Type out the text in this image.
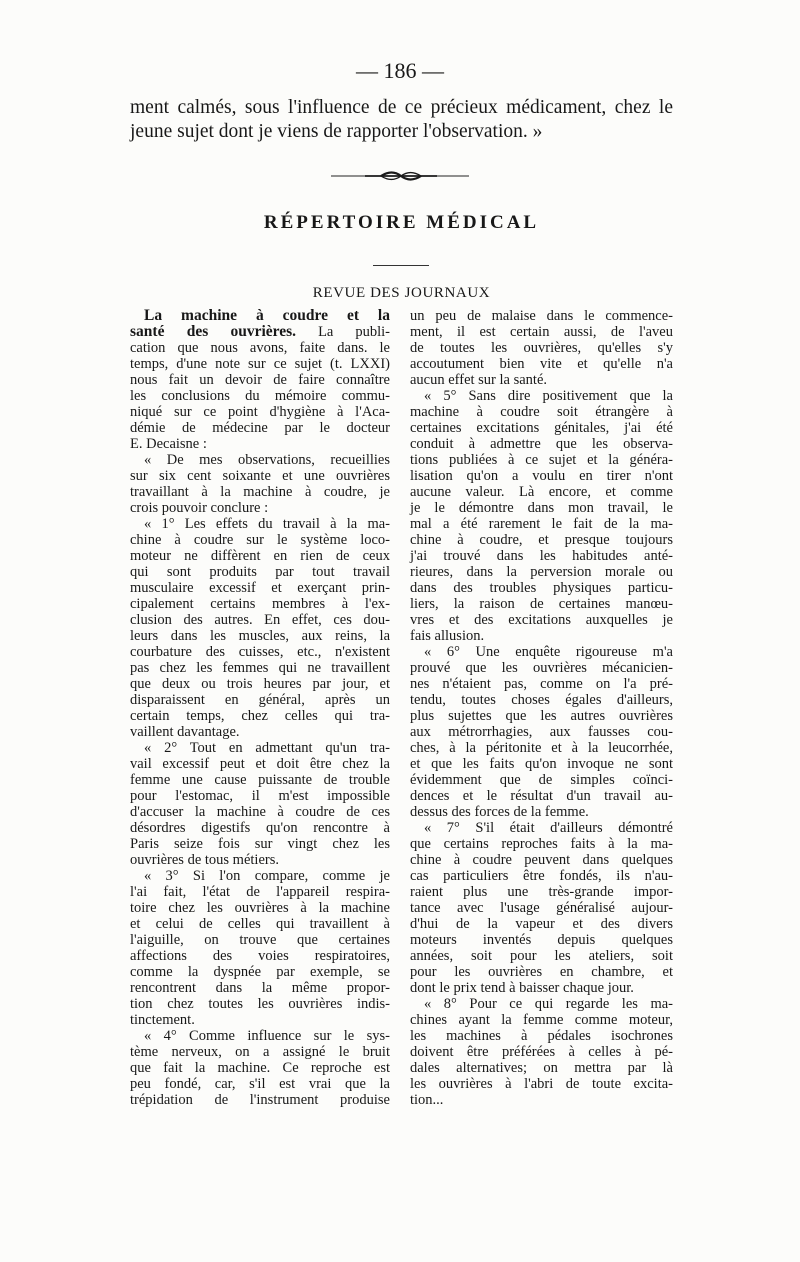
— 186 —
ment calmés, sous l'influence de ce précieux médicament, chez le
jeune sujet dont je viens de rapporter l'observation. »
RÉPERTOIRE MÉDICAL
REVUE DES JOURNAUX
La machine à coudre et la
santé des ouvrières. La publi-
cation que nous avons, faite dans. le
temps, d'une note sur ce sujet (t. LXXI)
nous fait un devoir de faire connaître
les conclusions du mémoire commu-
niqué sur ce point d'hygiène à l'Aca-
démie de médecine par le docteur
E. Decaisne :
« De mes observations, recueillies
sur six cent soixante et une ouvrières
travaillant à la machine à coudre, je
crois pouvoir conclure :
« 1° Les effets du travail à la ma-
chine à coudre sur le système loco-
moteur ne diffèrent en rien de ceux
qui sont produits par tout travail
musculaire excessif et exerçant prin-
cipalement certains membres à l'ex-
clusion des autres. En effet, ces dou-
leurs dans les muscles, aux reins, la
courbature des cuisses, etc., n'existent
pas chez les femmes qui ne travaillent
que deux ou trois heures par jour, et
disparaissent en général, après un
certain temps, chez celles qui tra-
vaillent davantage.
« 2° Tout en admettant qu'un tra-
vail excessif peut et doit être chez la
femme une cause puissante de trouble
pour l'estomac, il m'est impossible
d'accuser la machine à coudre de ces
désordres digestifs qu'on rencontre à
Paris seize fois sur vingt chez les
ouvrières de tous métiers.
« 3° Si l'on compare, comme je
l'ai fait, l'état de l'appareil respira-
toire chez les ouvrières à la machine
et celui de celles qui travaillent à
l'aiguille, on trouve que certaines
affections des voies respiratoires,
comme la dyspnée par exemple, se
rencontrent dans la même propor-
tion chez toutes les ouvrières indis-
tinctement.
« 4° Comme influence sur le sys-
tème nerveux, on a assigné le bruit
que fait la machine. Ce reproche est
peu fondé, car, s'il est vrai que la
trépidation de l'instrument produise
un peu de malaise dans le commence-
ment, il est certain aussi, de l'aveu
de toutes les ouvrières, qu'elles s'y
accoutument bien vite et qu'elle n'a
aucun effet sur la santé.
« 5° Sans dire positivement que la
machine à coudre soit étrangère à
certaines excitations génitales, j'ai été
conduit à admettre que les observa-
tions publiées à ce sujet et la généra-
lisation qu'on a voulu en tirer n'ont
aucune valeur. Là encore, et comme
je le démontre dans mon travail, le
mal a été rarement le fait de la ma-
chine à coudre, et presque toujours
j'ai trouvé dans les habitudes anté-
rieures, dans la perversion morale ou
dans des troubles physiques particu-
liers, la raison de certaines manœu-
vres et des excitations auxquelles je
fais allusion.
« 6° Une enquête rigoureuse m'a
prouvé que les ouvrières mécanicien-
nes n'étaient pas, comme on l'a pré-
tendu, toutes choses égales d'ailleurs,
plus sujettes que les autres ouvrières
aux métrorrhagies, aux fausses cou-
ches, à la péritonite et à la leucorrhée,
et que les faits qu'on invoque ne sont
évidemment que de simples coïnci-
dences et le résultat d'un travail au-
dessus des forces de la femme.
« 7° S'il était d'ailleurs démontré
que certains reproches faits à la ma-
chine à coudre peuvent dans quelques
cas particuliers être fondés, ils n'au-
raient plus une très-grande impor-
tance avec l'usage généralisé aujour-
d'hui de la vapeur et des divers
moteurs inventés depuis quelques
années, soit pour les ateliers, soit
pour les ouvrières en chambre, et
dont le prix tend à baisser chaque jour.
« 8° Pour ce qui regarde les ma-
chines ayant la femme comme moteur,
les machines à pédales isochrones
doivent être préférées à celles à pé-
dales alternatives; on mettra par là
les ouvrières à l'abri de toute excita-
tion...
